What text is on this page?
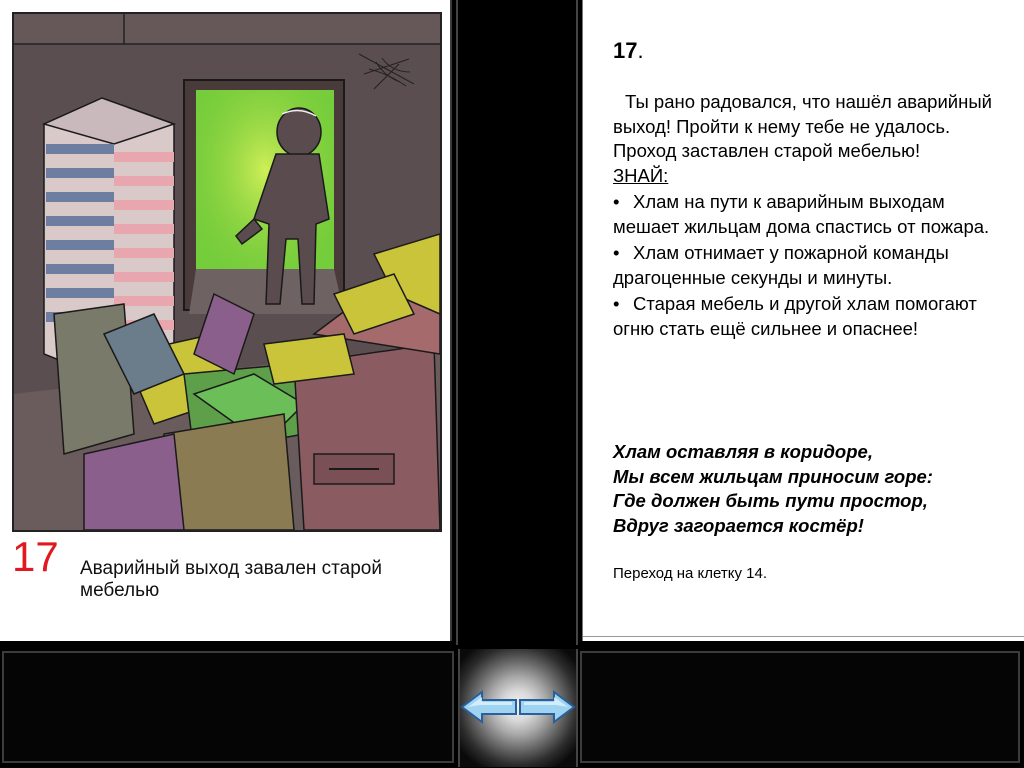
17 Аварийный выход завален старой мебелью
17.

Ты рано радовался, что нашёл аварийный выход! Пройти к нему тебе не удалось. Проход заставлен старой мебелью!

ЗНАЙ:

• Хлам на пути к аварийным выходам мешает жильцам дома спастись от пожара.

• Хлам отнимает у пожарной команды драгоценные секунды и минуты.

• Старая мебель и другой хлам помогают огню стать ещё сильнее и опаснее!

Хлам оставляя в коридоре,
Мы всем жильцам приносим горе:
Где должен быть пути простор,
Вдруг загорается костёр!
Переход на клетку 14.
